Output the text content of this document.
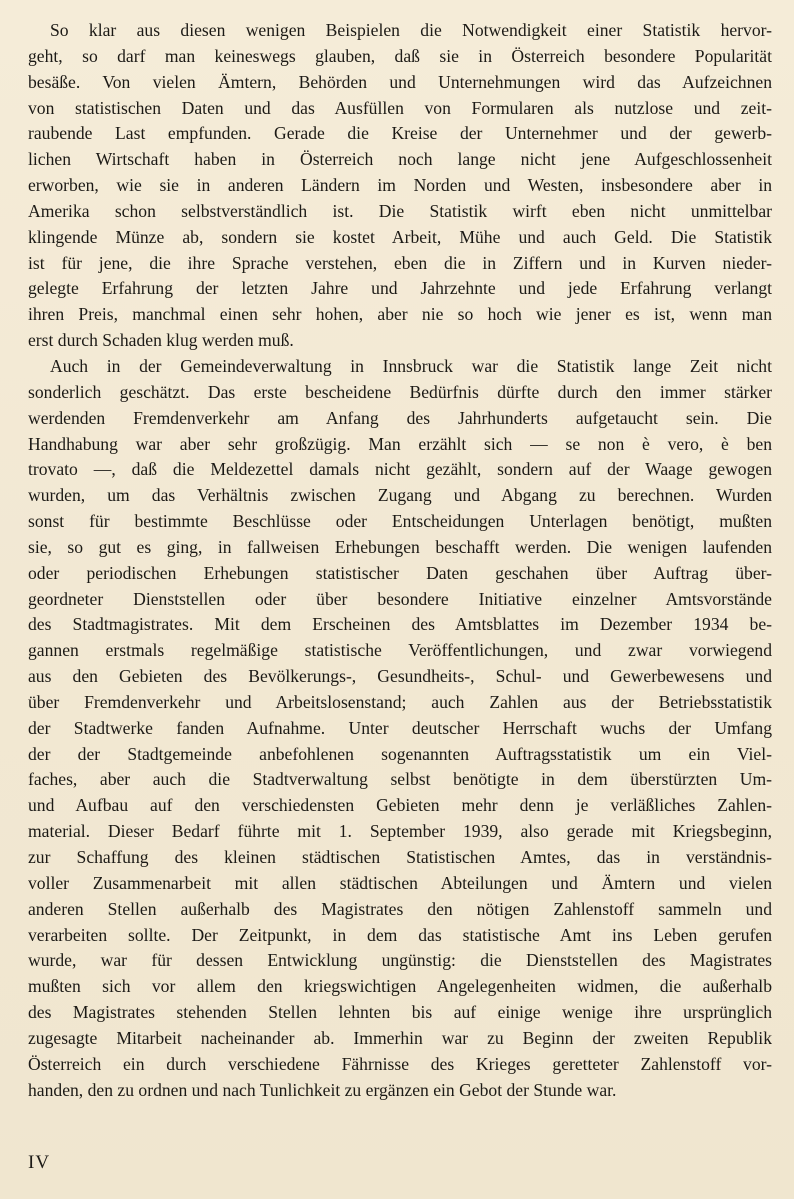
So klar aus diesen wenigen Beispielen die Notwendigkeit einer Statistik hervor-
geht, so darf man keineswegs glauben, daß sie in Österreich besondere Popularität
besäße. Von vielen Ämtern, Behörden und Unternehmungen wird das Aufzeichnen
von statistischen Daten und das Ausfüllen von Formularen als nutzlose und zeit-
raubende Last empfunden. Gerade die Kreise der Unternehmer und der gewerb-
lichen Wirtschaft haben in Österreich noch lange nicht jene Aufgeschlossenheit
erworben, wie sie in anderen Ländern im Norden und Westen, insbesondere aber in
Amerika schon selbstverständlich ist. Die Statistik wirft eben nicht unmittelbar
klingende Münze ab, sondern sie kostet Arbeit, Mühe und auch Geld. Die Statistik
ist für jene, die ihre Sprache verstehen, eben die in Ziffern und in Kurven nieder-
gelegte Erfahrung der letzten Jahre und Jahrzehnte und jede Erfahrung verlangt
ihren Preis, manchmal einen sehr hohen, aber nie so hoch wie jener es ist, wenn man
erst durch Schaden klug werden muß.
Auch in der Gemeindeverwaltung in Innsbruck war die Statistik lange Zeit nicht
sonderlich geschätzt. Das erste bescheidene Bedürfnis dürfte durch den immer stärker
werdenden Fremdenverkehr am Anfang des Jahrhunderts aufgetaucht sein. Die
Handhabung war aber sehr großzügig. Man erzählt sich — se non è vero, è ben
trovato —, daß die Meldezettel damals nicht gezählt, sondern auf der Waage gewogen
wurden, um das Verhältnis zwischen Zugang und Abgang zu berechnen. Wurden
sonst für bestimmte Beschlüsse oder Entscheidungen Unterlagen benötigt, mußten
sie, so gut es ging, in fallweisen Erhebungen beschafft werden. Die wenigen laufenden
oder periodischen Erhebungen statistischer Daten geschahen über Auftrag über-
geordneter Dienststellen oder über besondere Initiative einzelner Amtsvorstände
des Stadtmagistrates. Mit dem Erscheinen des Amtsblattes im Dezember 1934 be-
gannen erstmals regelmäßige statistische Veröffentlichungen, und zwar vorwiegend
aus den Gebieten des Bevölkerungs-, Gesundheits-, Schul- und Gewerbewesens und
über Fremdenverkehr und Arbeitslosenstand; auch Zahlen aus der Betriebsstatistik
der Stadtwerke fanden Aufnahme. Unter deutscher Herrschaft wuchs der Umfang
der der Stadtgemeinde anbefohlenen sogenannten Auftragsstatistik um ein Viel-
faches, aber auch die Stadtverwaltung selbst benötigte in dem überstürzten Um-
und Aufbau auf den verschiedensten Gebieten mehr denn je verläßliches Zahlen-
material. Dieser Bedarf führte mit 1. September 1939, also gerade mit Kriegsbeginn,
zur Schaffung des kleinen städtischen Statistischen Amtes, das in verständnis-
voller Zusammenarbeit mit allen städtischen Abteilungen und Ämtern und vielen
anderen Stellen außerhalb des Magistrates den nötigen Zahlenstoff sammeln und
verarbeiten sollte. Der Zeitpunkt, in dem das statistische Amt ins Leben gerufen
wurde, war für dessen Entwicklung ungünstig: die Dienststellen des Magistrates
mußten sich vor allem den kriegswichtigen Angelegenheiten widmen, die außerhalb
des Magistrates stehenden Stellen lehnten bis auf einige wenige ihre ursprünglich
zugesagte Mitarbeit nacheinander ab. Immerhin war zu Beginn der zweiten Republik
Österreich ein durch verschiedene Fährnisse des Krieges geretteter Zahlenstoff vor-
handen, den zu ordnen und nach Tunlichkeit zu ergänzen ein Gebot der Stunde war.
IV
